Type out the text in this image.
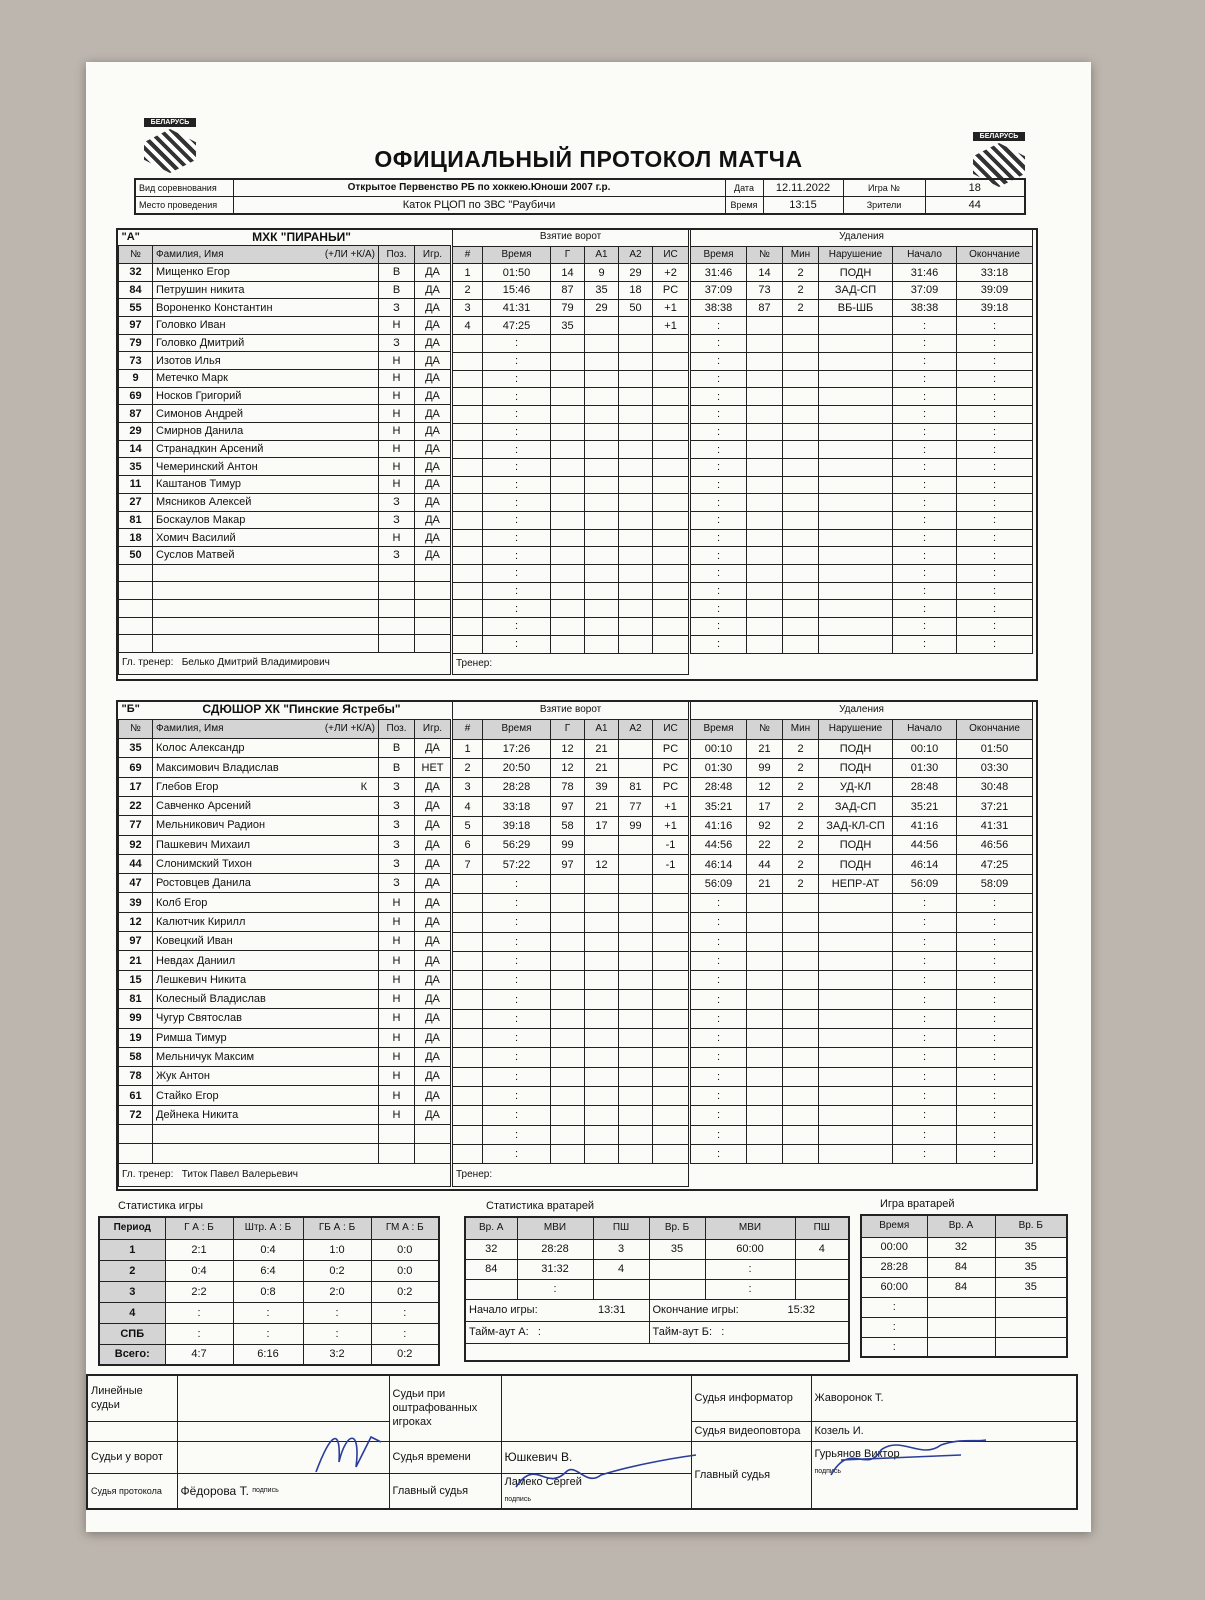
БЕЛАРУСЬ
БЕЛАРУСЬ
ОФИЦИАЛЬНЫЙ ПРОТОКОЛ МАТЧА
Вид соревнования	Открытое Первенство РБ по хоккею.Юноши 2007 г.р.	Дата	12.11.2022	Игра №	18
Место проведения	Каток РЦОП по ЗВС "Раубичи	Время	13:15	Зрители	44
"А"	МХК "ПИРАНЬИ"		
№	Фамилия, Имя (+ЛИ +К/А)	Поз.	Игр.
32	Мищенко Егор	В	ДА
84	Петрушин никита	В	ДА
55	Вороненко Константин	З	ДА
97	Головко Иван	Н	ДА
79	Головко Дмитрий	З	ДА
73	Изотов Илья	Н	ДА
9	Метечко Марк	Н	ДА
69	Носков Григорий	Н	ДА
87	Симонов Андрей	Н	ДА
29	Смирнов Данила	Н	ДА
14	Странадкин Арсений	Н	ДА
35	Чемеринский Антон	Н	ДА
11	Каштанов Тимур	Н	ДА
27	Мясников Алексей	З	ДА
81	Боскаулов Макар	З	ДА
18	Хомич Василий	Н	ДА
50	Суслов Матвей	З	ДА

Гл. тренер: Белько Дмитрий Владимирович			
Взятие ворот					
#	Время	Г	А1	А2	ИС
1	01:50	14	9	29	+2
2	15:46	87	35	18	PC
3	41:31	79	29	50	+1
4	47:25	35			+1
	:				
	:				
	:				
	:				
	:				
	:				
	:				
	:				
	:				
	:				
	:				
	:				
	:				
	:				
	:				
	:				
	:				
	:				
Тренер:					
Удаления					
Время	№	Мин	Нарушение	Начало	Окончание
31:46	14	2	ПОДН	31:46	33:18
37:09	73	2	ЗАД-СП	37:09	39:09
38:38	87	2	ВБ-ШБ	38:38	39:18
:				:	:
:				:	:
:				:	:
:				:	:
:				:	:
:				:	:
:				:	:
:				:	:
:				:	:
:				:	:
:				:	:
:				:	:
:				:	:
:				:	:
:				:	:
:				:	:
:				:	:
:				:	:
:				:	:

"Б"	СДЮШОР ХК "Пинские Ястребы"		
№	Фамилия, Имя (+ЛИ +К/А)	Поз.	Игр.
35	Колос Александр	В	ДА
69	Максимович Владислав	В	НЕТ
17	Глебов Егор К	З	ДА
22	Савченко Арсений	З	ДА
77	Мельникович Радион	З	ДА
92	Пашкевич Михаил	З	ДА
44	Слонимский Тихон	З	ДА
47	Ростовцев Данила	З	ДА
39	Колб Егор	Н	ДА
12	Калютчик Кирилл	Н	ДА
97	Ковецкий Иван	Н	ДА
21	Невдах Даниил	Н	ДА
15	Лешкевич Никита	Н	ДА
81	Колесный Владислав	Н	ДА
99	Чугур Святослав	Н	ДА
19	Римша Тимур	Н	ДА
58	Мельничук Максим	Н	ДА
78	Жук Антон	Н	ДА
61	Стайко Егор	Н	ДА
72	Дейнека Никита	Н	ДА

Гл. тренер: Титок Павел Валерьевич			
Взятие ворот					
#	Время	Г	А1	А2	ИС
1	17:26	12	21		PC
2	20:50	12	21		PC
3	28:28	78	39	81	PC
4	33:18	97	21	77	+1
5	39:18	58	17	99	+1
6	56:29	99			-1
7	57:22	97	12		-1
	:				
	:				
	:				
	:				
	:				
	:				
	:				
	:				
	:				
	:				
	:				
	:				
	:				
	:				
	:				
Тренер:					
Удаления					
Время	№	Мин	Нарушение	Начало	Окончание
00:10	21	2	ПОДН	00:10	01:50
01:30	99	2	ПОДН	01:30	03:30
28:48	12	2	УД-КЛ	28:48	30:48
35:21	17	2	ЗАД-СП	35:21	37:21
41:16	92	2	ЗАД-КЛ-СП	41:16	41:31
44:56	22	2	ПОДН	44:56	46:56
46:14	44	2	ПОДН	46:14	47:25
56:09	21	2	НЕПР-АТ	56:09	58:09
:				:	:
:				:	:
:				:	:
:				:	:
:				:	:
:				:	:
:				:	:
:				:	:
:				:	:
:				:	:
:				:	:
:				:	:
:				:	:
:				:	:

Статистика игры
Период	Г А : Б	Штр. А : Б	ГБ А : Б	ГМ А : Б
1	2:1	0:4	1:0	0:0
2	0:4	6:4	0:2	0:0
3	2:2	0:8	2:0	0:2
4	:	:	:	:
СПБ	:	:	:	:
Всего:	4:7	6:16	3:2	0:2
Статистика вратарей
Вр. А	МВИ	ПШ	Вр. Б	МВИ	ПШ
32	28:28	3	35	60:00	4
84	31:32	4		:	
	:			:	
Начало игры: 13:31			Окончание игры: 15:32		

Тайм-аут А:   :			Тайм-аут Б:   :		

Игра вратарей
Время	Вр. А	Вр. Б
00:00	32	35
28:28	84	35
60:00	84	35
:		
:		
:		
Линейные судьи		Судьи при оштрафованных игроках		Судья информатор	Жаворонок Т.
				Судья видеоповтора	Козель И.
Судьи у ворот		Судья времени	Юшкевич В.	Главный судья	Гурьянов Виктор
подпись
Судья протокола	Фёдорова Т. $^{подпись}$	Главный судья	Ламеко Сергей
подпись		
